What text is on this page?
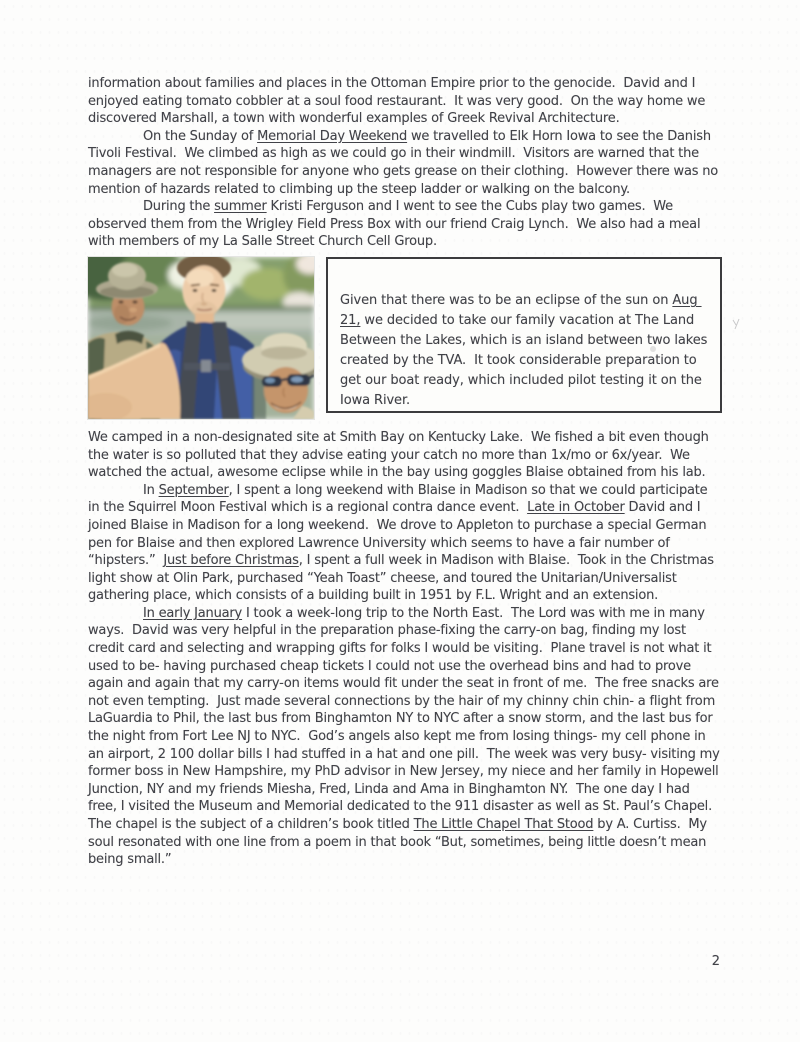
information about families and places in the Ottoman Empire prior to the genocide.  David and I enjoyed eating tomato cobbler at a soul food restaurant.  It was very good.  On the way home we discovered Marshall, a town with wonderful examples of Greek Revival Architecture.

On the Sunday of Memorial Day Weekend we travelled to Elk Horn Iowa to see the Danish Tivoli Festival.  We climbed as high as we could go in their windmill.  Visitors are warned that the managers are not responsible for anyone who gets grease on their clothing.  However there was no mention of hazards related to climbing up the steep ladder or walking on the balcony.

During the summer Kristi Ferguson and I went to see the Cubs play two games.  We observed them from the Wrigley Field Press Box with our friend Craig Lynch.  We also had a meal with members of my La Salle Street Church Cell Group.

Given that there was to be an eclipse of the sun on Aug 21, we decided to take our family vacation at The Land Between the Lakes, which is an island between two lakes created by the TVA.  It took considerable preparation to get our boat ready, which included pilot testing it on the Iowa River.

We camped in a non-designated site at Smith Bay on Kentucky Lake.  We fished a bit even though the water is so polluted that they advise eating your catch no more than 1x/mo or 6x/year.  We watched the actual, awesome eclipse while in the bay using goggles Blaise obtained from his lab.

In September, I spent a long weekend with Blaise in Madison so that we could participate in the Squirrel Moon Festival which is a regional contra dance event.  Late in October David and I joined Blaise in Madison for a long weekend.  We drove to Appleton to purchase a special German pen for Blaise and then explored Lawrence University which seems to have a fair number of “hipsters.”  Just before Christmas, I spent a full week in Madison with Blaise.  Took in the Christmas light show at Olin Park, purchased “Yeah Toast” cheese, and toured the Unitarian/Universalist gathering place, which consists of a building built in 1951 by F.L. Wright and an extension.

In early January I took a week-long trip to the North East.  The Lord was with me in many ways.  David was very helpful in the preparation phase-fixing the carry-on bag, finding my lost credit card and selecting and wrapping gifts for folks I would be visiting.  Plane travel is not what it used to be- having purchased cheap tickets I could not use the overhead bins and had to prove again and again that my carry-on items would fit under the seat in front of me.  The free snacks are not even tempting.  Just made several connections by the hair of my chinny chin chin- a flight from LaGuardia to Phil, the last bus from Binghamton NY to NYC after a snow storm, and the last bus for the night from Fort Lee NJ to NYC.  God’s angels also kept me from losing things- my cell phone in an airport, 2 100 dollar bills I had stuffed in a hat and one pill.  The week was very busy- visiting my former boss in New Hampshire, my PhD advisor in New Jersey, my niece and her family in Hopewell Junction, NY and my friends Miesha, Fred, Linda and Ama in Binghamton NY.  The one day I had free, I visited the Museum and Memorial dedicated to the 911 disaster as well as St. Paul’s Chapel.  The chapel is the subject of a children’s book titled The Little Chapel That Stood by A. Curtiss.  My soul resonated with one line from a poem in that book “But, sometimes, being little doesn’t mean being small.”

2
